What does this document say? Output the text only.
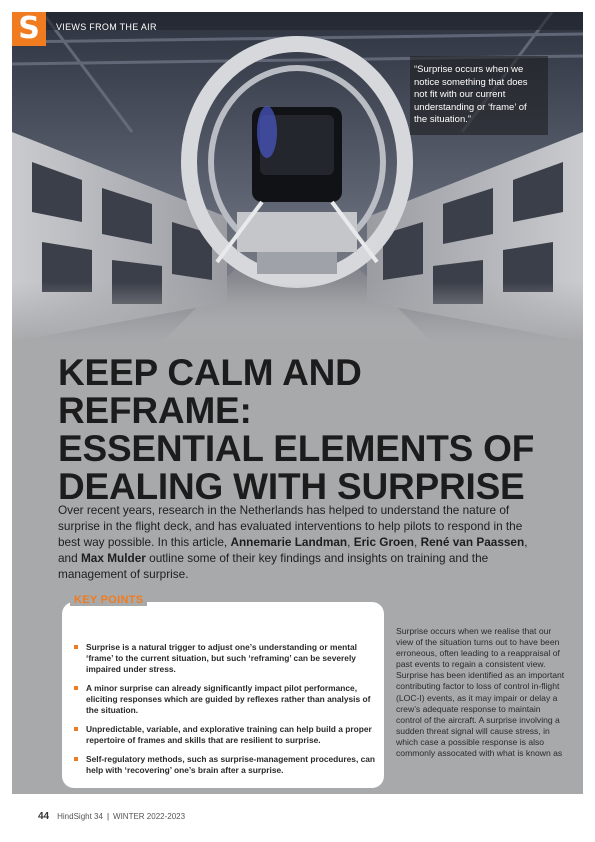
S	VIEWS FROM THE AIR
“Surprise occurs when we notice something that does not fit with our current understanding or ‘frame’ of the situation.”
KEEP CALM AND REFRAME:
ESSENTIAL ELEMENTS OF
DEALING WITH SURPRISE

Over recent years, research in the Netherlands has helped to understand the nature of surprise in the flight deck, and has evaluated interventions to help pilots to respond in the best way possible. In this article, Annemarie Landman, Eric Groen, René van Paassen, and Max Mulder outline some of their key findings and insights on training and the management of surprise.

KEY POINTS
Surprise is a natural trigger to adjust one’s understanding or mental ‘frame’ to the current situation, but such ‘reframing’ can be severely impaired under stress.
A minor surprise can already significantly impact pilot performance, eliciting responses which are guided by reflexes rather than analysis of the situation.
Unpredictable, variable, and explorative training can help build a proper repertoire of frames and skills that are resilient to surprise.
Self-regulatory methods, such as surprise-management procedures, can help with ‘recovering’ one’s brain after a surprise.

Surprise occurs when we realise that our view of the situation turns out to have been erroneous, often leading to a reappraisal of past events to regain a consistent view. Surprise has been identified as an important contributing factor to loss of control in-flight (LOC-I) events, as it may impair or delay a crew’s adequate response to maintain control of the aircraft. A surprise involving a sudden threat signal will cause stress, in which case a possible response is also commonly assocated with what is known as

44 HindSight 34 | WINTER 2022-2023
